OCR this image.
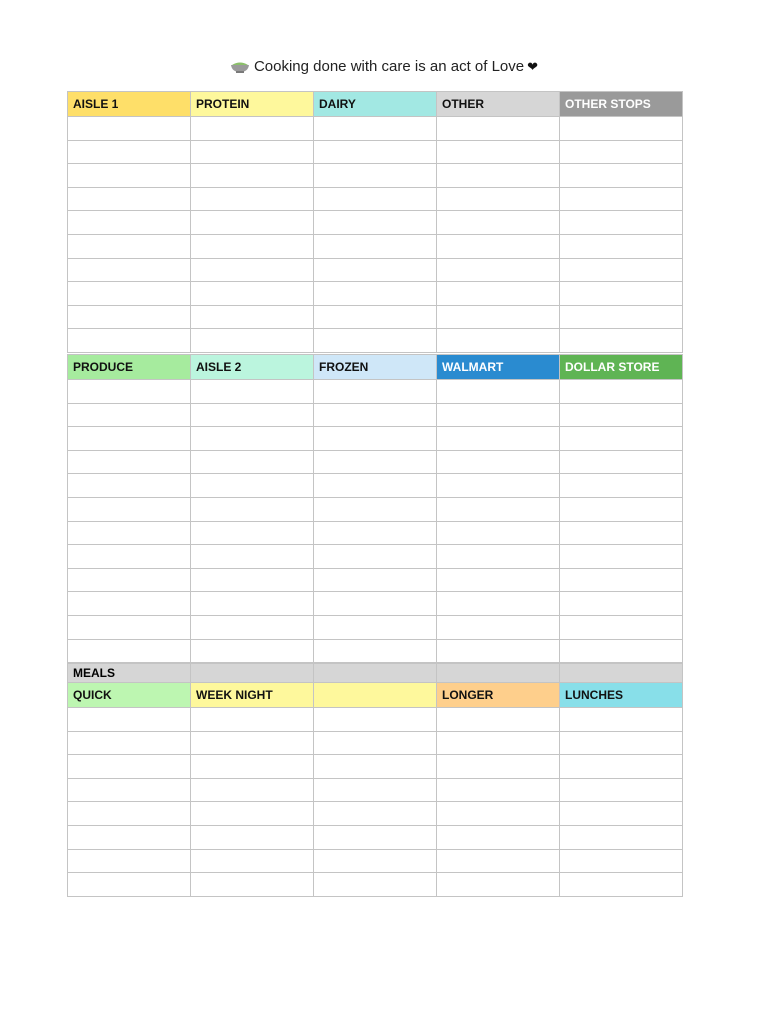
Cooking done with care is an act of Love ❤
AISLE 1	PROTEIN	DAIRY	OTHER	OTHER STOPS

PRODUCE	AISLE 2	FROZEN	WALMART	DOLLAR STORE

MEALS				
QUICK	WEEK NIGHT		LONGER	LUNCHES
